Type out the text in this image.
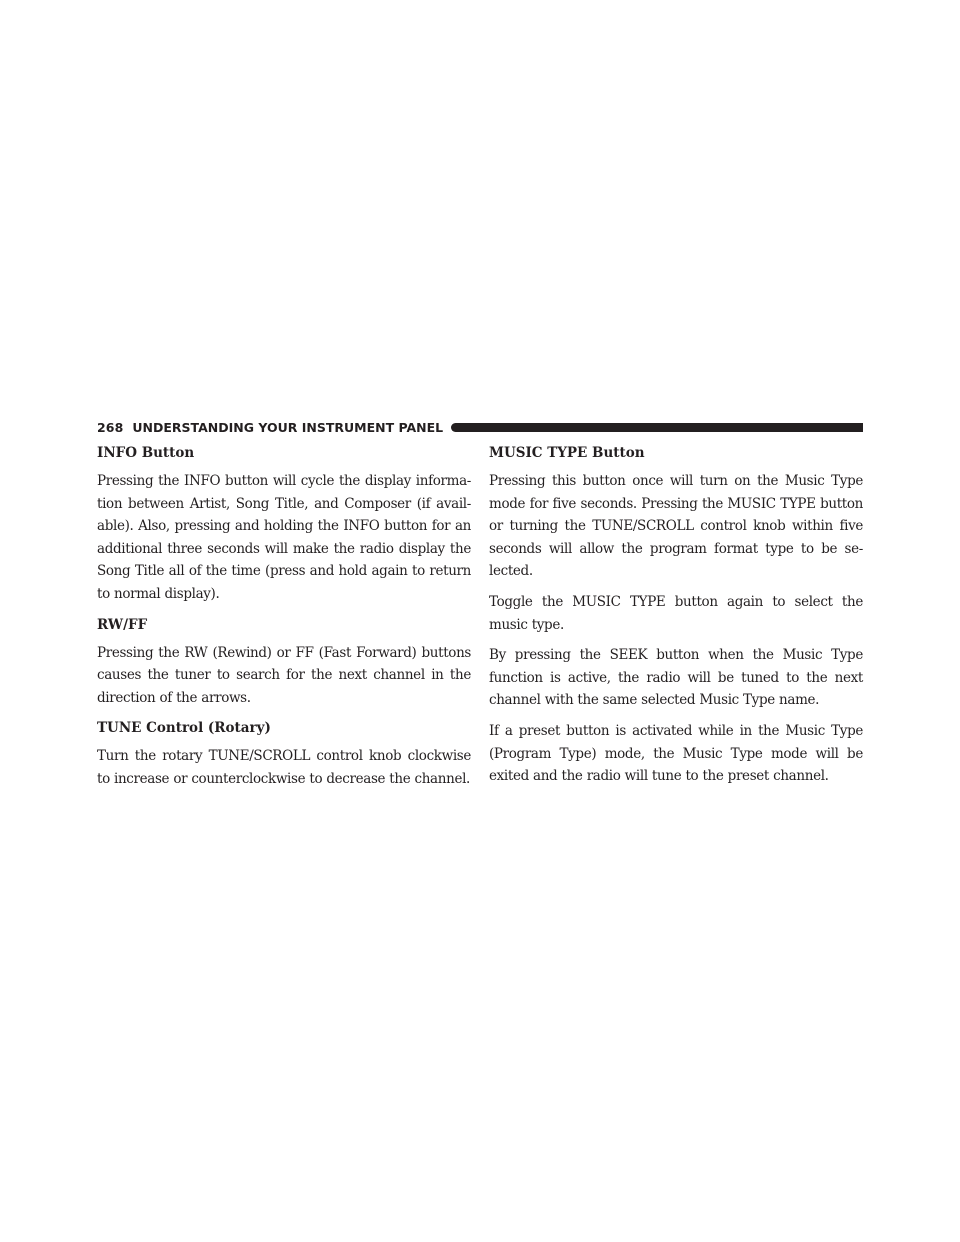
268 UNDERSTANDING YOUR INSTRUMENT PANEL
INFO Button

Pressing the INFO button will cycle the display informa-tion between Artist, Song Title, and Composer (if avail-able). Also, pressing and holding the INFO button for an additional three seconds will make the radio display the Song Title all of the time (press and hold again to return to normal display).

RW/FF

Pressing the RW (Rewind) or FF (Fast Forward) buttons causes the tuner to search for the next channel in the direction of the arrows.

TUNE Control (Rotary)

Turn the rotary TUNE/SCROLL control knob clockwise to increase or counterclockwise to decrease the channel.

MUSIC TYPE Button

Pressing this button once will turn on the Music Type mode for five seconds. Pressing the MUSIC TYPE button or turning the TUNE/SCROLL control knob within five seconds will allow the program format type to be se-lected.

Toggle the MUSIC TYPE button again to select the music type.

By pressing the SEEK button when the Music Type function is active, the radio will be tuned to the next channel with the same selected Music Type name.

If a preset button is activated while in the Music Type (Program Type) mode, the Music Type mode will be exited and the radio will tune to the preset channel.
